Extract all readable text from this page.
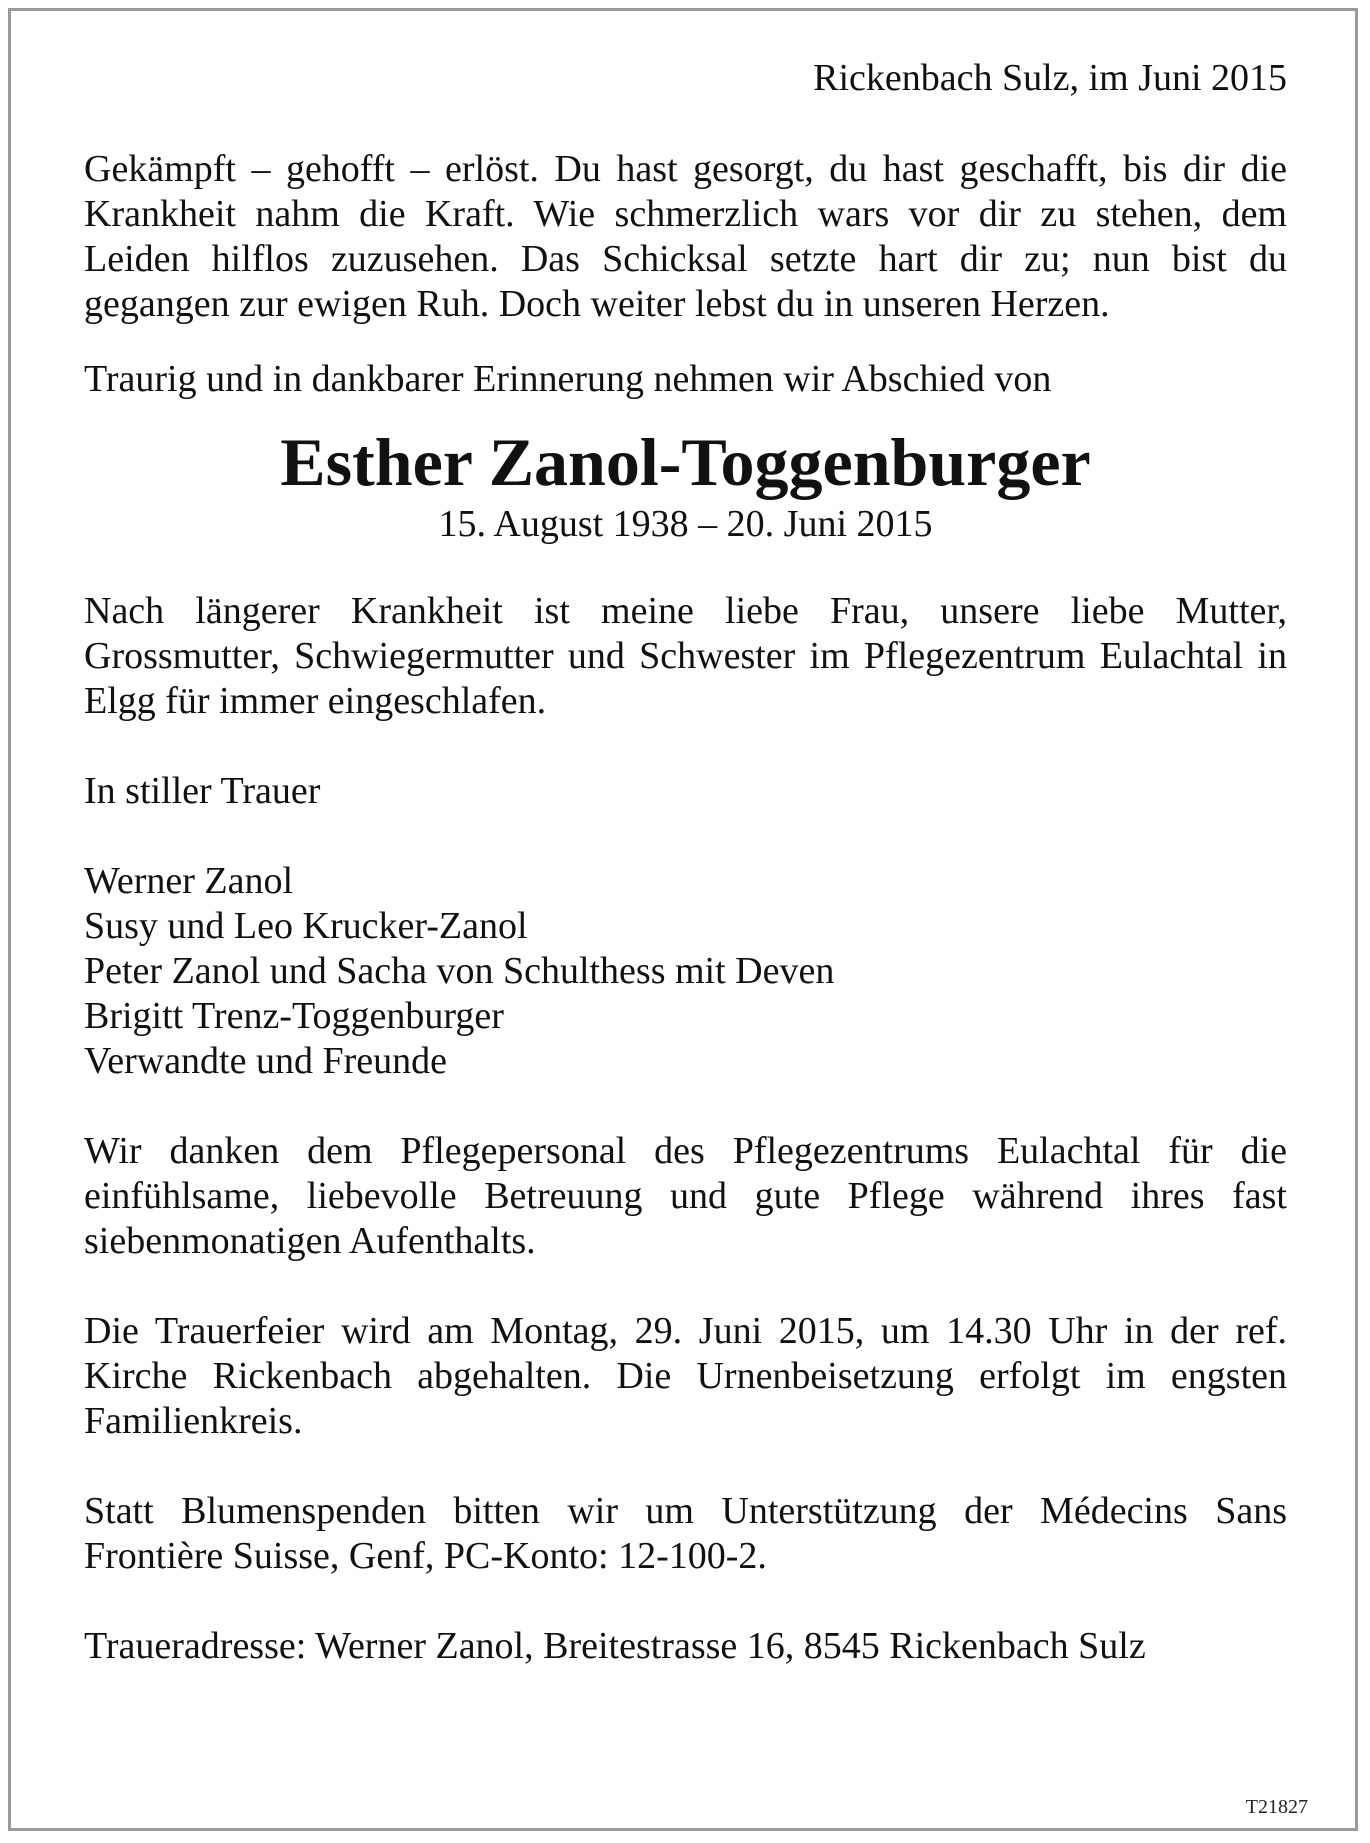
Rickenbach Sulz, im Juni 2015

Gekämpft – gehofft – erlöst. Du hast gesorgt, du hast geschafft, bis dir die Krankheit nahm die Kraft. Wie schmerzlich wars vor dir zu stehen, dem Leiden hilflos zuzusehen. Das Schicksal setzte hart dir zu; nun bist du gegangen zur ewigen Ruh. Doch weiter lebst du in unseren Herzen.

Traurig und in dankbarer Erinnerung nehmen wir Abschied von

Esther Zanol-Toggenburger

15. August 1938 – 20. Juni 2015

Nach längerer Krankheit ist meine liebe Frau, unsere liebe Mutter, Grossmutter, Schwiegermutter und Schwester im Pflegezentrum Eulachtal in Elgg für immer eingeschlafen.

In stiller Trauer

Werner Zanol
Susy und Leo Krucker-Zanol
Peter Zanol und Sacha von Schulthess mit Deven
Brigitt Trenz-Toggenburger
Verwandte und Freunde

Wir danken dem Pflegepersonal des Pflegezentrums Eulachtal für die einfühlsame, liebevolle Betreuung und gute Pflege während ihres fast siebenmonatigen Aufenthalts.

Die Trauerfeier wird am Montag, 29. Juni 2015, um 14.30 Uhr in der ref. Kirche Rickenbach abgehalten. Die Urnenbeisetzung erfolgt im engsten Familienkreis.

Statt Blumenspenden bitten wir um Unterstützung der Médecins Sans Frontière Suisse, Genf, PC-Konto: 12-100-2.

Traueradresse: Werner Zanol, Breitestrasse 16, 8545 Rickenbach Sulz

T21827
